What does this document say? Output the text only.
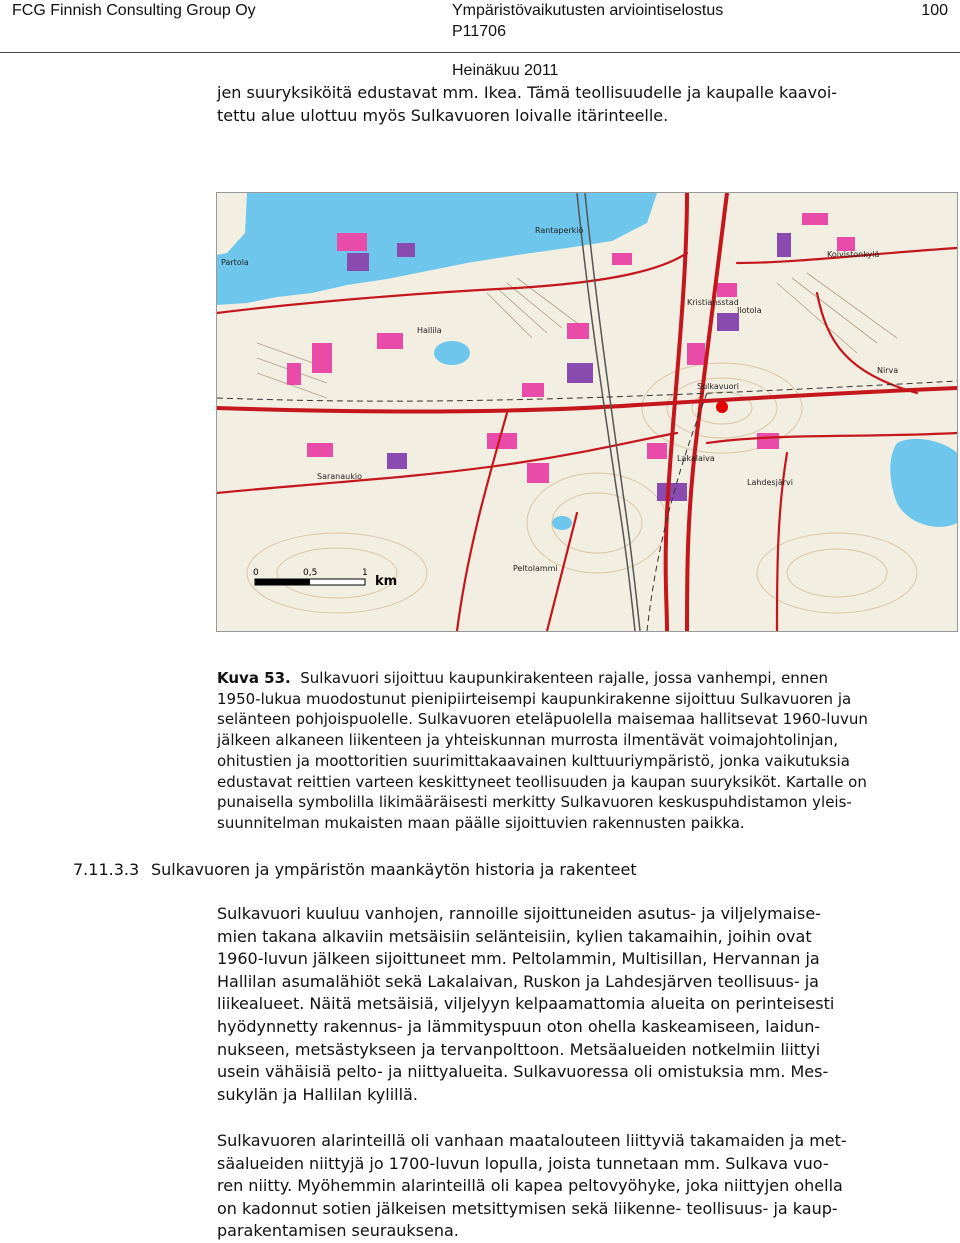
FCG Finnish Consulting Group Oy	Ympäristövaikutusten arviointiselostus
P11706
100
Heinäkuu 2011

jen suuryksiköitä edustavat mm. Ikea. Tämä teollisuudelle ja kaupalle kaavoi-
tettu alue ulottuu myös Sulkavuoren loivalle itärinteelle.

Rantaperkiö
Koivistonkylä
Partola
Hallila
Lakalaiva
Saranaukio
Peltolammi
Nirva
Lahdesjärvi
Sulkavuori
Ilotola
Kristiansstad
0	0,5	1
km

Kuva 53. Sulkavuori sijoittuu kaupunkirakenteen rajalle, jossa vanhempi, ennen
1950-lukua muodostunut pienipiirteisempi kaupunkirakenne sijoittuu Sulkavuoren ja
selänteen pohjoispuolelle. Sulkavuoren eteläpuolella maisemaa hallitsevat 1960-luvun
jälkeen alkaneen liikenteen ja yhteiskunnan murrosta ilmentävät voimajohtolinjan,
ohitustien ja moottoritien suurimittakaavainen kulttuuriympäristö, jonka vaikutuksia
edustavat reittien varteen keskittyneet teollisuuden ja kaupan suuryksiköt. Kartalle on
punaisella symbolilla likimääräisesti merkitty Sulkavuoren keskuspuhdistamon yleis-
suunnitelman mukaisten maan päälle sijoittuvien rakennusten paikka.

7.11.3.3 Sulkavuoren ja ympäristön maankäytön historia ja rakenteet

Sulkavuori kuuluu vanhojen, rannoille sijoittuneiden asutus- ja viljelymaise-
mien takana alkaviin metsäisiin selänteisiin, kylien takamaihin, joihin ovat
1960-luvun jälkeen sijoittuneet mm. Peltolammin, Multisillan, Hervannan ja
Hallilan asumalähiöt sekä Lakalaivan, Ruskon ja Lahdesjärven teollisuus- ja
liikealueet. Näitä metsäisiä, viljelyyn kelpaamattomia alueita on perinteisesti
hyödynnetty rakennus- ja lämmityspuun oton ohella kaskeamiseen, laidun-
nukseen, metsästykseen ja tervanpolttoon. Metsäalueiden notkelmiin liittyi
usein vähäisiä pelto- ja niittyalueita. Sulkavuoressa oli omistuksia mm. Mes-
sukylän ja Hallilan kylillä.

Sulkavuoren alarinteillä oli vanhaan maatalouteen liittyviä takamaiden ja met-
säalueiden niittyjä jo 1700-luvun lopulla, joista tunnetaan mm. Sulkava vuo-
ren niitty. Myöhemmin alarinteillä oli kapea peltovyöhyke, joka niittyjen ohella
on kadonnut sotien jälkeisen metsittymisen sekä liikenne- teollisuus- ja kaup-
parakentamisen seurauksena.
